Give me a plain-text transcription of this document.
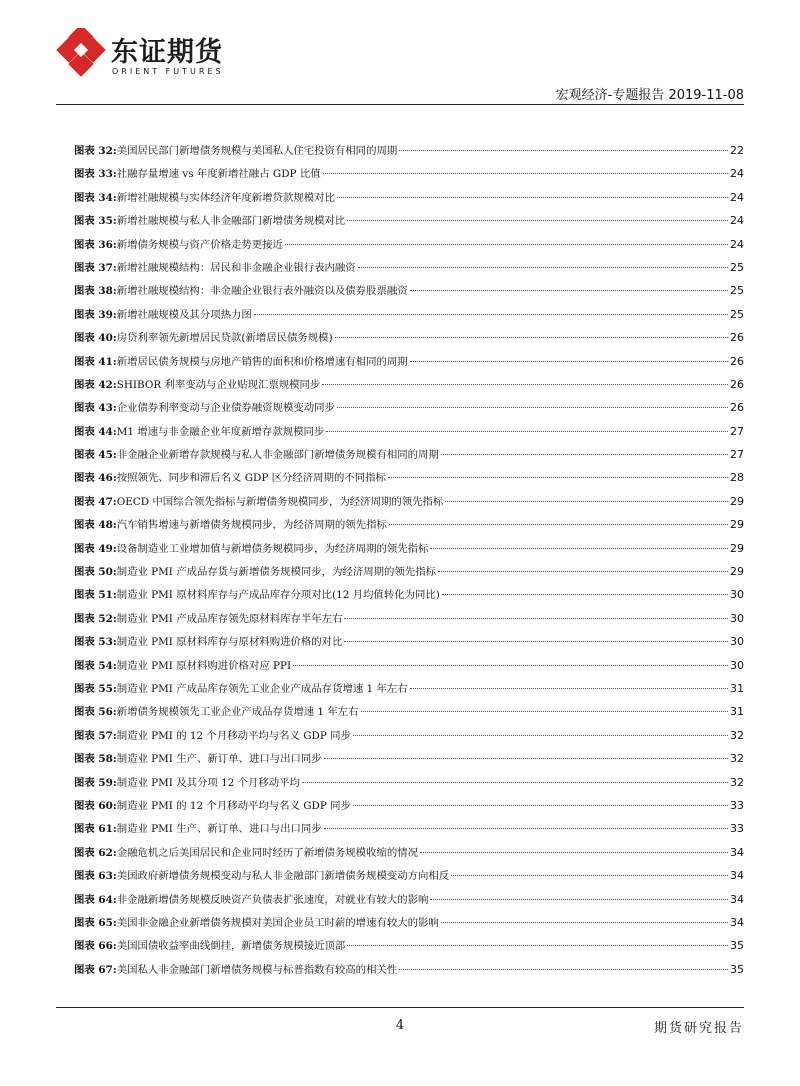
东证期货
ORIENT FUTURES
宏观经济-专题报告 2019-11-08
图表 32: 美国居民部门新增债务规模与美国私人住宅投资有相同的周期	22
图表 33: 社融存量增速 vs 年度新增社融占 GDP 比值	24
图表 34: 新增社融规模与实体经济年度新增贷款规模对比	24
图表 35: 新增社融规模与私人非金融部门新增债务规模对比	24
图表 36: 新增债务规模与资产价格走势更接近	24
图表 37: 新增社融规模结构：居民和非金融企业银行表内融资	25
图表 38: 新增社融规模结构：非金融企业银行表外融资以及债券股票融资	25
图表 39: 新增社融规模及其分项热力图	25
图表 40: 房贷利率领先新增居民贷款(新增居民债务规模)	26
图表 41: 新增居民债务规模与房地产销售的面积和价格增速有相同的周期	26
图表 42: SHIBOR 利率变动与企业贴现汇票规模同步	26
图表 43: 企业债券利率变动与企业债券融资规模变动同步	26
图表 44: M1 增速与非金融企业年度新增存款规模同步	27
图表 45: 非金融企业新增存款规模与私人非金融部门新增债务规模有相同的周期	27
图表 46: 按照领先、同步和滞后名义 GDP 区分经济周期的不同指标	28
图表 47: OECD 中国综合领先指标与新增债务规模同步，为经济周期的领先指标	29
图表 48: 汽车销售增速与新增债务规模同步，为经济周期的领先指标	29
图表 49: 设备制造业工业增加值与新增债务规模同步，为经济周期的领先指标	29
图表 50: 制造业 PMI 产成品存货与新增债务规模同步，为经济周期的领先指标	29
图表 51: 制造业 PMI 原材料库存与产成品库存分项对比(12 月均值转化为同比)	30
图表 52: 制造业 PMI 产成品库存领先原材料库存半年左右	30
图表 53: 制造业 PMI 原材料库存与原材料购进价格的对比	30
图表 54: 制造业 PMI 原材料购进价格对应 PPI	30
图表 55: 制造业 PMI 产成品库存领先工业企业产成品存货增速 1 年左右	31
图表 56: 新增债务规模领先工业企业产成品存货增速 1 年左右	31
图表 57: 制造业 PMI 的 12 个月移动平均与名义 GDP 同步	32
图表 58: 制造业 PMI 生产、新订单、进口与出口同步	32
图表 59: 制造业 PMI 及其分项 12 个月移动平均	32
图表 60: 制造业 PMI 的 12 个月移动平均与名义 GDP 同步	33
图表 61: 制造业 PMI 生产、新订单、进口与出口同步	33
图表 62: 金融危机之后美国居民和企业同时经历了新增债务规模收缩的情况	34
图表 63: 美国政府新增债务规模变动与私人非金融部门新增债务规模变动方向相反	34
图表 64: 非金融新增债务规模反映资产负债表扩张速度，对就业有较大的影响	34
图表 65: 美国非金融企业新增债务规模对美国企业员工时薪的增速有较大的影响	34
图表 66: 美国国债收益率曲线倒挂，新增债务规模接近顶部	35
图表 67: 美国私人非金融部门新增债务规模与标普指数有较高的相关性	35
4	期货研究报告
